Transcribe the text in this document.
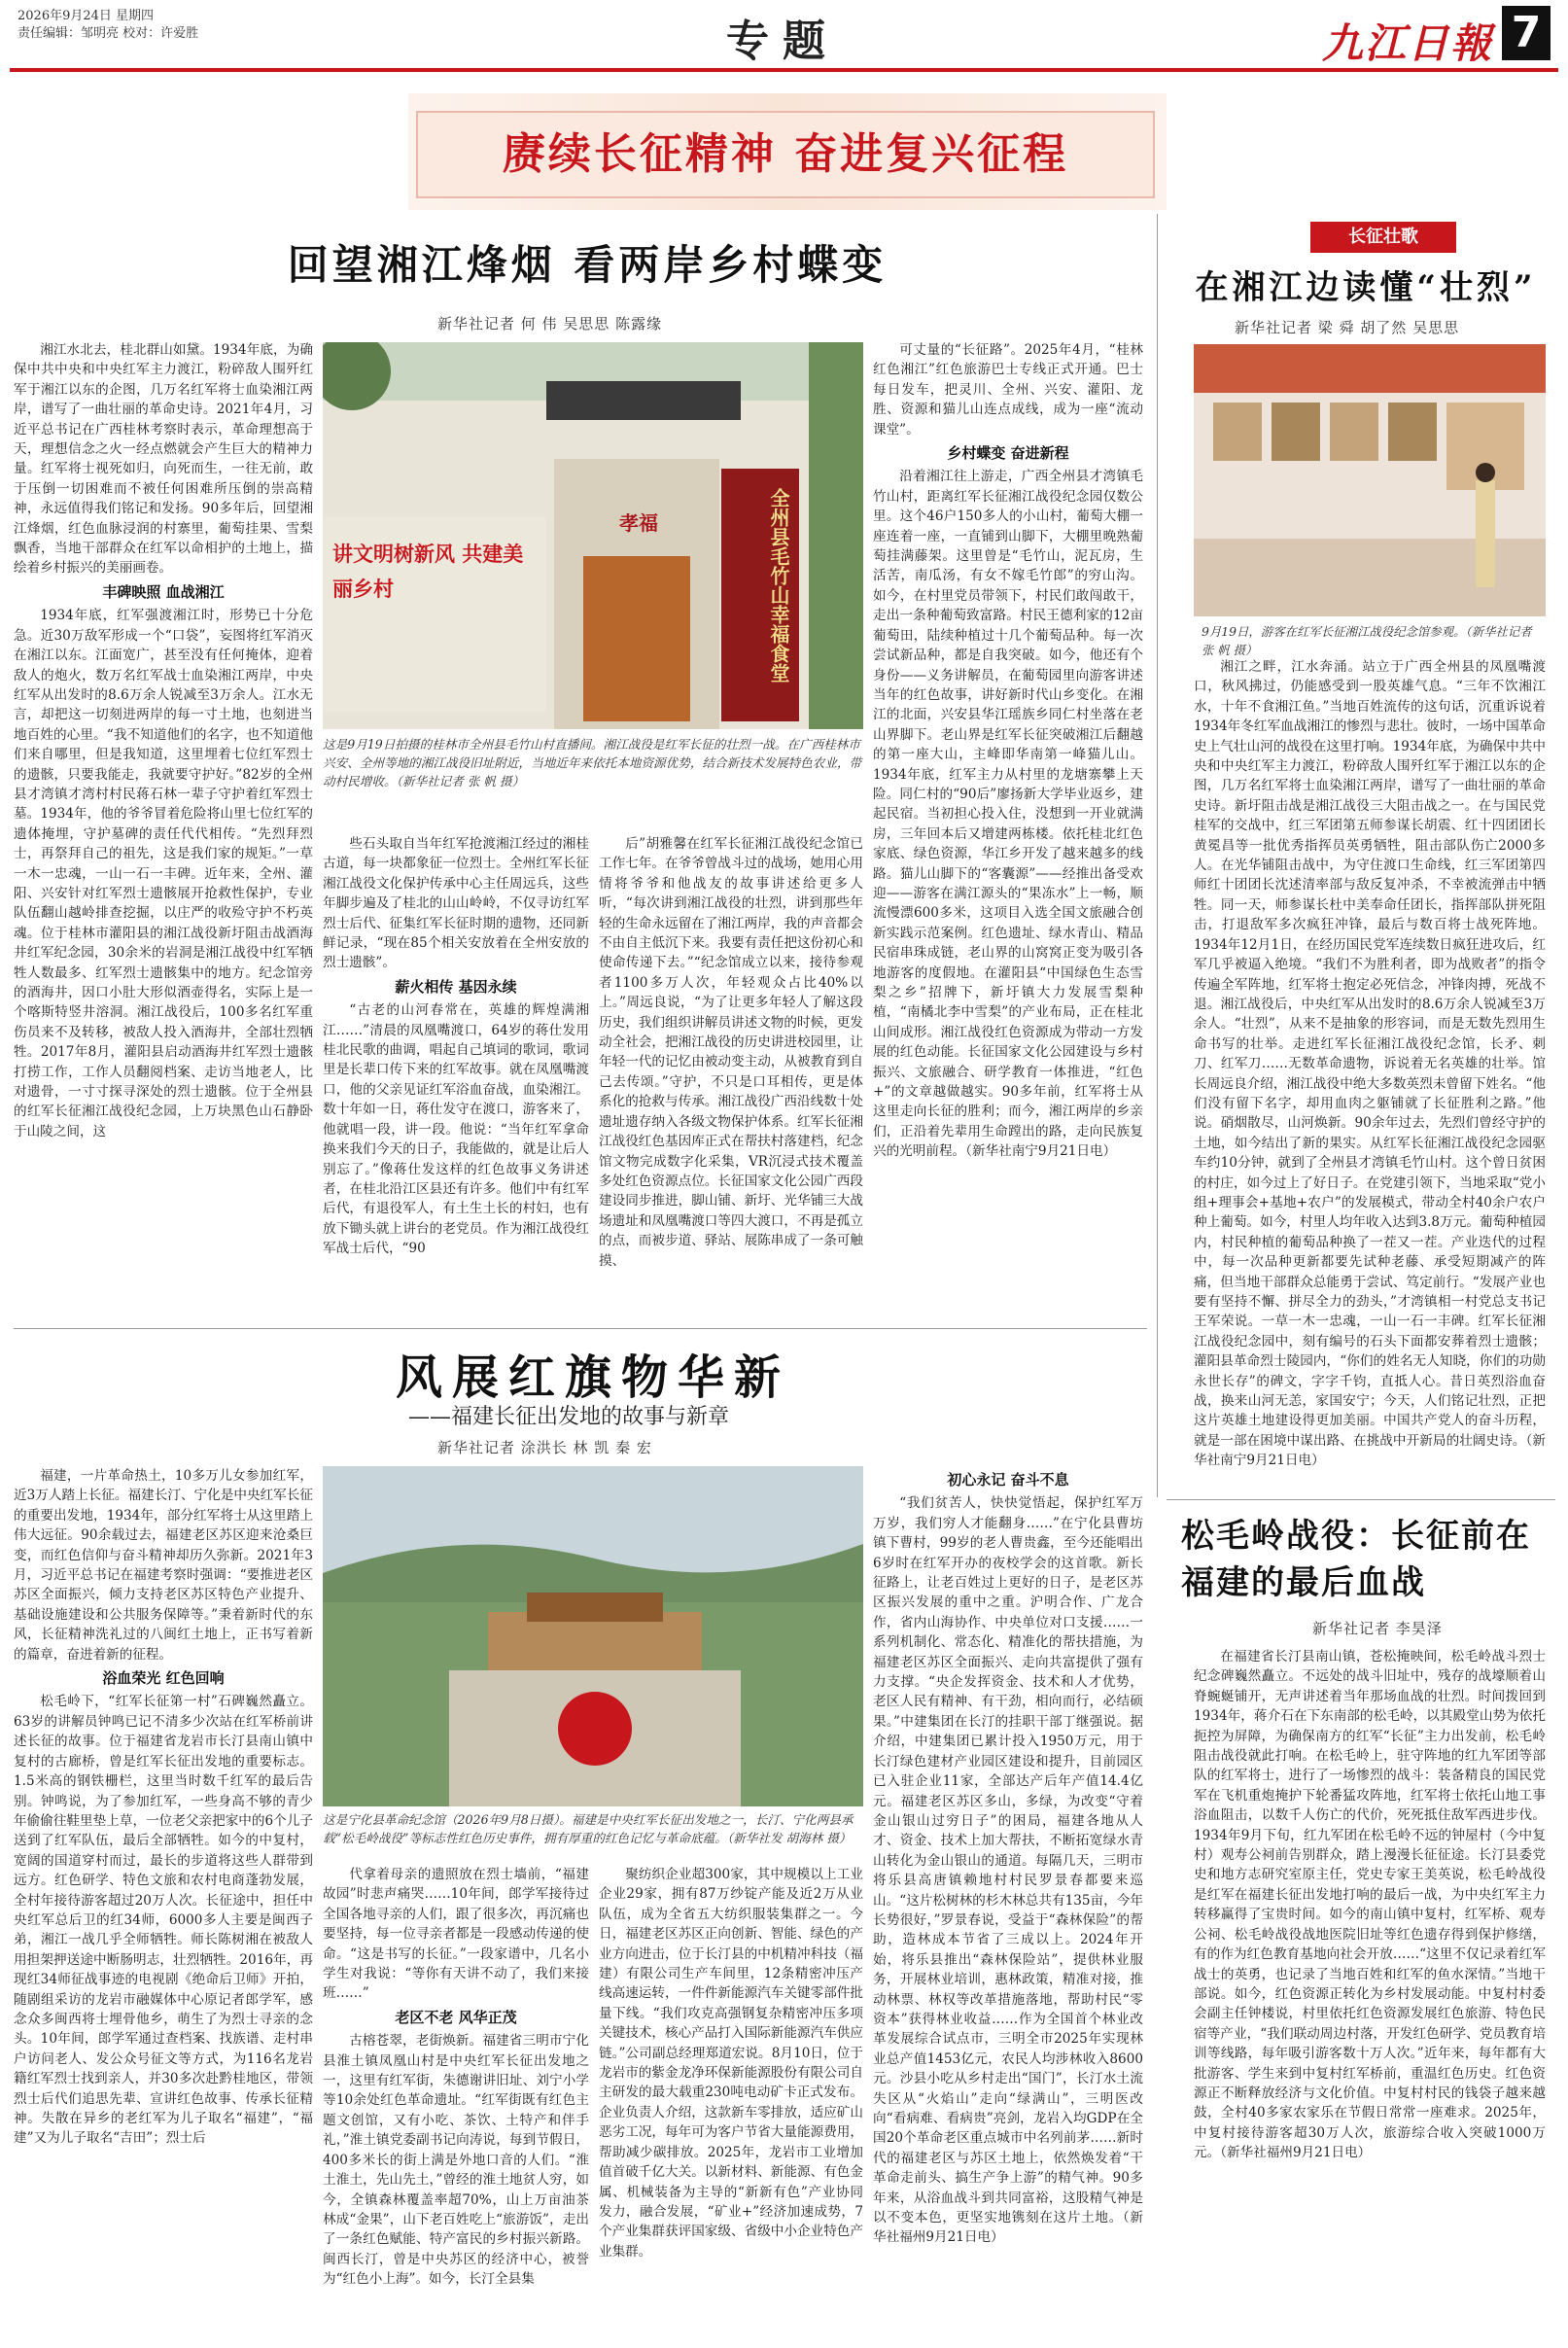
2026年9月24日 星期四
责任编辑：邹明亮 校对：许爱胜	专题	九江日報 7
赓续长征精神 奋进复兴征程
回望湘江烽烟 看两岸乡村蝶变
新华社记者 何 伟 吴思思 陈露缘
讲文明树新风 共建美丽乡村
孝福	全州县毛竹山幸福食堂
这是9月19日拍摄的桂林市全州县毛竹山村直播间。湘江战役是红军长征的壮烈一战。在广西桂林市兴安、全州等地的湘江战役旧址附近，当地近年来依托本地资源优势，结合新技术发展特色农业，带动村民增收。（新华社记者 张 帆 摄）

湘江水北去，桂北群山如黛。1934年底，为确保中共中央和中央红军主力渡江，粉碎敌人围歼红军于湘江以东的企图，几万名红军将士血染湘江两岸，谱写了一曲壮丽的革命史诗。2021年4月，习近平总书记在广西桂林考察时表示，革命理想高于天，理想信念之火一经点燃就会产生巨大的精神力量。红军将士视死如归，向死而生，一往无前，敢于压倒一切困难而不被任何困难所压倒的崇高精神，永远值得我们铭记和发扬。90多年后，回望湘江烽烟，红色血脉浸润的村寨里，葡萄挂果、雪梨飘香，当地干部群众在红军以命相护的土地上，描绘着乡村振兴的美丽画卷。

丰碑映照 血战湘江

1934年底，红军强渡湘江时，形势已十分危急。近30万敌军形成一个“口袋”，妄图将红军消灭在湘江以东。江面宽广，甚至没有任何掩体，迎着敌人的炮火，数万名红军战士血染湘江两岸，中央红军从出发时的8.6万余人锐减至3万余人。江水无言，却把这一切刻进两岸的每一寸土地，也刻进当地百姓的心里。“我不知道他们的名字，也不知道他们来自哪里，但是我知道，这里埋着七位红军烈士的遗骸，只要我能走，我就要守护好。”82岁的全州县才湾镇才湾村村民蒋石林一辈子守护着红军烈士墓。1934年，他的爷爷冒着危险将山里七位红军的遗体掩埋，守护墓碑的责任代代相传。“先烈拜烈士，再祭拜自己的祖先，这是我们家的规矩。”一草一木一忠魂，一山一石一丰碑。近年来，全州、灌阳、兴安针对红军烈士遗骸展开抢救性保护，专业队伍翻山越岭排查挖掘，以庄严的收殓守护不朽英魂。位于桂林市灌阳县的湘江战役新圩阻击战酒海井红军纪念园，30余米的岩洞是湘江战役中红军牺牲人数最多、红军烈士遗骸集中的地方。纪念馆旁的酒海井，因口小肚大形似酒壶得名，实际上是一个喀斯特竖井溶洞。湘江战役后，100多名红军重伤员来不及转移，被敌人投入酒海井，全部壮烈牺牲。2017年8月，灌阳县启动酒海井红军烈士遗骸打捞工作，工作人员翻阅档案、走访当地老人，比对遗骨，一寸寸探寻深处的烈士遗骸。位于全州县的红军长征湘江战役纪念园，上万块黑色山石静卧于山陵之间，这

些石头取自当年红军抢渡湘江经过的湘桂古道，每一块都象征一位烈士。全州红军长征湘江战役文化保护传承中心主任周远兵，这些年脚步遍及了桂北的山山岭岭，不仅寻访红军烈士后代、征集红军长征时期的遗物，还同新鲜记录，“现在85个相关安放着在全州安放的烈士遗骸”。

薪火相传 基因永续

“古老的山河春常在，英雄的辉煌满湘江……”清晨的凤凰嘴渡口，64岁的蒋仕发用桂北民歌的曲调，唱起自己填词的歌词，歌词里是长辈口传下来的红军故事。就在凤凰嘴渡口，他的父亲见证红军浴血奋战，血染湘江。数十年如一日，蒋仕发守在渡口，游客来了，他就唱一段，讲一段。他说：“当年红军拿命换来我们今天的日子，我能做的，就是让后人别忘了。”像蒋仕发这样的红色故事义务讲述者，在桂北沿江区县还有许多。他们中有红军后代，有退役军人，有土生土长的村妇，也有放下锄头就上讲台的老党员。作为湘江战役红军战士后代，“90

后”胡雅馨在红军长征湘江战役纪念馆已工作七年。在爷爷曾战斗过的战场，她用心用情将爷爷和他战友的故事讲述给更多人听，“每次讲到湘江战役的壮烈，讲到那些年轻的生命永远留在了湘江两岸，我的声音都会不由自主低沉下来。我要有责任把这份初心和使命传递下去。”“纪念馆成立以来，接待参观者1100多万人次，年轻观众占比40%以上。”周远良说，“为了让更多年轻人了解这段历史，我们组织讲解员讲述文物的时候，更发动全社会，把湘江战役的历史讲进校园里，让年轻一代的记忆由被动变主动，从被教育到自己去传颂。”守护，不只是口耳相传，更是体系化的抢救与传承。湘江战役广西沿线数十处遗址遗存纳入各级文物保护体系。红军长征湘江战役红色基因库正式在帮扶村落建档，纪念馆文物完成数字化采集，VR沉浸式技术覆盖多处红色资源点位。长征国家文化公园广西段建设同步推进，脚山铺、新圩、光华铺三大战场遗址和凤凰嘴渡口等四大渡口，不再是孤立的点，而被步道、驿站、展陈串成了一条可触摸、

可丈量的“长征路”。2025年4月，“桂林红色湘江”红色旅游巴士专线正式开通。巴士每日发车，把灵川、全州、兴安、灌阳、龙胜、资源和猫儿山连点成线，成为一座“流动课堂”。

乡村蝶变 奋进新程

沿着湘江往上游走，广西全州县才湾镇毛竹山村，距离红军长征湘江战役纪念园仅数公里。这个46户150多人的小山村，葡萄大棚一座连着一座，一直铺到山脚下，大棚里晚熟葡萄挂满藤架。这里曾是“毛竹山，泥瓦房，生活苦，南瓜汤，有女不嫁毛竹郎”的穷山沟。如今，在村里党员带领下，村民们敢闯敢干，走出一条种葡萄致富路。村民王德利家的12亩葡萄田，陆续种植过十几个葡萄品种。每一次尝试新品种，都是自我突破。如今，他还有个身份——义务讲解员，在葡萄园里向游客讲述当年的红色故事，讲好新时代山乡变化。在湘江的北面，兴安县华江瑶族乡同仁村坐落在老山界脚下。老山界是红军长征突破湘江后翻越的第一座大山，主峰即华南第一峰猫儿山。1934年底，红军主力从村里的龙塘寨攀上天险。同仁村的“90后”廖扬新大学毕业返乡，建起民宿。当初担心投入住，没想到一开业就满房，三年回本后又增建两栋楼。依托桂北红色家底、绿色资源，华江乡开发了越来越多的线路。猫儿山脚下的“客囊源”——经推出备受欢迎——游客在满江源头的“果冻水”上一畅，顺流慢漂600多米，这项目入选全国文旅融合创新实践示范案例。红色遗址、绿水青山、精品民宿串珠成链，老山界的山窝窝正变为吸引各地游客的度假地。在灌阳县“中国绿色生态雪梨之乡”招牌下，新圩镇大力发展雪梨种植，“南橘北李中雪梨”的产业布局，正在桂北山间成形。湘江战役红色资源成为带动一方发展的红色动能。长征国家文化公园建设与乡村振兴、文旅融合、研学教育一体推进，“红色+”的文章越做越实。90多年前，红军将士从这里走向长征的胜利；而今，湘江两岸的乡亲们，正沿着先辈用生命蹚出的路，走向民族复兴的光明前程。（新华社南宁9月21日电）

长征壮歌
在湘江边读懂“壮烈”
新华社记者 梁 舜 胡了然 吴思思
9月19日，游客在红军长征湘江战役纪念馆参观。（新华社记者 张 帆 摄）

湘江之畔，江水奔涌。站立于广西全州县的凤凰嘴渡口，秋风拂过，仍能感受到一股英雄气息。“三年不饮湘江水，十年不食湘江鱼。”当地百姓流传的这句话，沉重诉说着1934年冬红军血战湘江的惨烈与悲壮。彼时，一场中国革命史上气壮山河的战役在这里打响。1934年底，为确保中共中央和中央红军主力渡江，粉碎敌人围歼红军于湘江以东的企图，几万名红军将士血染湘江两岸，谱写了一曲壮丽的革命史诗。新圩阻击战是湘江战役三大阻击战之一。在与国民党桂军的交战中，红三军团第五师参谋长胡震、红十四团团长黄冕昌等一批优秀指挥员英勇牺牲，阻击部队伤亡2000多人。在光华铺阻击战中，为守住渡口生命线，红三军团第四师红十团团长沈述清率部与敌反复冲杀，不幸被流弹击中牺牲。同一天，师参谋长杜中美奉命任团长，指挥部队拼死阻击，打退敌军多次疯狂冲锋，最后与数百将士战死阵地。1934年12月1日，在经历国民党军连续数日疯狂进攻后，红军几乎被逼入绝境。“我们不为胜利者，即为战败者”的指令传遍全军阵地，红军将士抱定必死信念，冲锋肉搏，死战不退。湘江战役后，中央红军从出发时的8.6万余人锐减至3万余人。“壮烈”，从来不是抽象的形容词，而是无数先烈用生命书写的壮举。走进红军长征湘江战役纪念馆，长矛、刺刀、红军刀……无数革命遗物，诉说着无名英雄的壮举。馆长周远良介绍，湘江战役中绝大多数英烈未曾留下姓名。“他们没有留下名字，却用血肉之躯铺就了长征胜利之路。”他说。硝烟散尽，山河焕新。90余年过去，先烈们曾经守护的土地，如今结出了新的果实。从红军长征湘江战役纪念园驱车约10分钟，就到了全州县才湾镇毛竹山村。这个曾日贫困的村庄，如今过上了好日子。在党建引领下，当地采取“党小组+理事会+基地+农户”的发展模式，带动全村40余户农户种上葡萄。如今，村里人均年收入达到3.8万元。葡萄种植园内，村民种植的葡萄品种换了一茬又一茬。产业迭代的过程中，每一次品种更新都要先试种老藤、承受短期减产的阵痛，但当地干部群众总能勇于尝试、笃定前行。“发展产业也要有坚持不懈、拼尽全力的劲头，”才湾镇相一村党总支书记王军荣说。一草一木一忠魂，一山一石一丰碑。红军长征湘江战役纪念园中，刻有编号的石头下面都安葬着烈士遗骸；灌阳县革命烈士陵园内，“你们的姓名无人知晓，你们的功勋永世长存”的碑文，字字千钧，直抵人心。昔日英烈浴血奋战，换来山河无恙，家国安宁；今天，人们铭记壮烈，正把这片英雄土地建设得更加美丽。中国共产党人的奋斗历程，就是一部在困境中谋出路、在挑战中开新局的壮阔史诗。（新华社南宁9月21日电）

风展红旗物华新
——福建长征出发地的故事与新章
新华社记者 涂洪长 林 凯 秦 宏
这是宁化县革命纪念馆（2026年9月8日摄）。福建是中央红军长征出发地之一，长汀、宁化两县承载“松毛岭战役”等标志性红色历史事件，拥有厚重的红色记忆与革命底蕴。（新华社发 胡海林 摄）

福建，一片革命热土，10多万儿女参加红军，近3万人踏上长征。福建长汀、宁化是中央红军长征的重要出发地，1934年，部分红军将士从这里踏上伟大远征。90余载过去，福建老区苏区迎来沧桑巨变，而红色信仰与奋斗精神却历久弥新。2021年3月，习近平总书记在福建考察时强调：“要推进老区苏区全面振兴，倾力支持老区苏区特色产业提升、基础设施建设和公共服务保障等。”秉着新时代的东风，长征精神洗礼过的八闽红土地上，正书写着新的篇章，奋进着新的征程。

浴血荣光 红色回响

松毛岭下，“红军长征第一村”石碑巍然矗立。63岁的讲解员钟鸣已记不清多少次站在红军桥前讲述长征的故事。位于福建省龙岩市长汀县南山镇中复村的古廊桥，曾是红军长征出发地的重要标志。1.5米高的钢铁栅栏，这里当时数千红军的最后告别。钟鸣说，为了参加红军，一些身高不够的青少年偷偷往鞋里垫上草，一位老父亲把家中的6个儿子送到了红军队伍，最后全部牺牲。如今的中复村，宽阔的国道穿村而过，最长的步道将这些人群带到远方。红色研学、特色文旅和农村电商蓬勃发展，全村年接待游客超过20万人次。长征途中，担任中央红军总后卫的红34师，6000多人主要是闽西子弟，湘江一战几乎全师牺牲。师长陈树湘在被敌人用担架押送途中断肠明志，壮烈牺牲。2016年，再现红34师征战事迹的电视剧《绝命后卫师》开拍，随剧组采访的龙岩市融媒体中心原记者郎学军，感念众多闽西将士埋骨他乡，萌生了为烈士寻亲的念头。10年间，郎学军通过查档案、找族谱、走村串户访问老人、发公众号征文等方式，为116名龙岩籍红军烈士找到亲人，并30多次赴黔桂地区，带领烈士后代们追思先辈、宣讲红色故事、传承长征精神。失散在异乡的老红军为儿子取名“福建”，“福建”又为儿子取名“吉田”；烈士后

代拿着母亲的遗照放在烈士墙前，“福建故园”时悲声痛哭……10年间，郎学军接待过全国各地寻亲的人们，跟了很多次，再沉痛也要坚持，每一位寻亲者都是一段感动传递的使命。“这是书写的长征。”一段家谱中，几名小学生对我说：“等你有天讲不动了，我们来接班……”

老区不老 风华正茂

古榕苍翠，老街焕新。福建省三明市宁化县淮土镇凤凰山村是中央红军长征出发地之一，这里有红军街，朱德谢讲旧址、刘宁小学等10余处红色革命遗址。“红军街既有红色主题文创馆，又有小吃、茶饮、土特产和伴手礼，”淮土镇党委副书记向涛说，每到节假日，400多米长的街上满是外地口音的人们。“淮土淮土，先山先土，”曾经的淮土地贫人穷，如今，全镇森林覆盖率超70%，山上万亩油茶林成“金果”，山下老百姓吃上“旅游饭”，走出了一条红色赋能、特产富民的乡村振兴新路。闽西长汀，曾是中央苏区的经济中心，被誉为“红色小上海”。如今，长汀全县集

聚纺织企业超300家，其中规模以上工业企业29家，拥有87万纱锭产能及近2万从业队伍，成为全省五大纺织服装集群之一。今日，福建老区苏区正向创新、智能、绿色的产业方向进击，位于长汀县的中机精冲科技（福建）有限公司生产车间里，12条精密冲压产线高速运转，一件件新能源汽车关键零部件批量下线。“我们攻克高强钢复杂精密冲压多项关键技术，核心产品打入国际新能源汽车供应链。”公司副总经理郑道宏说。8月10日，位于龙岩市的紫金龙净环保新能源股份有限公司自主研发的最大载重230吨电动矿卡正式发布。企业负责人介绍，这款新车零排放，适应矿山恶劣工况，每年可为客户节省大量能源费用，帮助减少碳排放。2025年，龙岩市工业增加值首破千亿大关。以新材料、新能源、有色金属、机械装备为主导的“新新有色”产业协同发力，融合发展，“矿业+”经济加速成势，7个产业集群获评国家级、省级中小企业特色产业集群。

初心永记 奋斗不息

“我们贫苦人，快快觉悟起，保护红军万万岁，我们穷人才能翻身……”在宁化县曹坊镇下曹村，99岁的老人曹贵鑫，至今还能唱出6岁时在红军开办的夜校学会的这首歌。新长征路上，让老百姓过上更好的日子，是老区苏区振兴发展的重中之重。沪明合作、广龙合作，省内山海协作、中央单位对口支援……一系列机制化、常态化、精准化的帮扶措施，为福建老区苏区全面振兴、走向共富提供了强有力支撑。“央企发挥资金、技术和人才优势，老区人民有精神、有干劲，相向而行，必结硕果。”中建集团在长汀的挂职干部丁继强说。据介绍，中建集团已累计投入1950万元，用于长汀绿色建材产业园区建设和提升，目前园区已入驻企业11家，全部达产后年产值14.4亿元。福建老区苏区多山，多绿，为改变“守着金山银山过穷日子”的困局，福建各地从人才、资金、技术上加大帮扶，不断拓宽绿水青山转化为金山银山的通道。每隔几天，三明市将乐县高唐镇赖地村村民罗景春都要来巡山。“这片松树林的杉木林总共有135亩，今年长势很好，”罗景春说，受益于“森林保险”的帮助，造林成本节省了三成以上。2024年开始，将乐县推出“森林保险站”，提供林业服务，开展林业培训，惠林政策，精准对接，推动林票、林权等改革措施落地，帮助村民“零资本”获得林业收益……作为全国首个林业改革发展综合试点市，三明全市2025年实现林业总产值1453亿元，农民人均涉林收入8600元。沙县小吃从乡村走出“国门”，长汀水土流失区从“火焰山”走向“绿满山”，三明医改向“看病难、看病贵”亮剑，龙岩入均GDP在全国20个革命老区重点城市中名列前茅……新时代的福建老区与苏区土地上，依然焕发着“干革命走前头、搞生产争上游”的精气神。90多年来，从浴血战斗到共同富裕，这股精气神是以不变本色，更坚实地镌刻在这片土地。（新华社福州9月21日电）

松毛岭战役：长征前在福建的最后血战
新华社记者 李昊泽

在福建省长汀县南山镇，苍松掩映间，松毛岭战斗烈士纪念碑巍然矗立。不远处的战斗旧址中，残存的战壕顺着山脊蜿蜒铺开，无声讲述着当年那场血战的壮烈。时间拨回到1934年，蒋介石在下东南部的松毛岭，以其殿堂山势为依托扼控为屏障，为确保南方的红军“长征”主力出发前，松毛岭阻击战役就此打响。在松毛岭上，驻守阵地的红九军团等部队的红军将士，进行了一场惨烈的战斗：装备精良的国民党军在飞机重炮掩护下轮番猛攻阵地，红军将士依托山地工事浴血阻击，以数千人伤亡的代价，死死抵住敌军西进步伐。1934年9月下旬，红九军团在松毛岭不远的钟屋村（今中复村）观寿公祠前告别群众，踏上漫漫长征征途。长汀县委党史和地方志研究室原主任，党史专家王美英说，松毛岭战役是红军在福建长征出发地打响的最后一战，为中央红军主力转移赢得了宝贵时间。如今的南山镇中复村，红军桥、观寿公祠、松毛岭战役战地医院旧址等红色遗存得到保护修缮，有的作为红色教育基地向社会开放……“这里不仅记录着红军战士的英勇，也记录了当地百姓和红军的鱼水深情。”当地干部说。如今，红色资源正转化为乡村发展动能。中复村村委会副主任钟楼说，村里依托红色资源发展红色旅游、特色民宿等产业，“我们联动周边村落，开发红色研学、党员教育培训等线路，每年吸引游客数十万人次。”近年来，每年都有大批游客、学生来到中复村红军桥前，重温红色历史。红色资源正不断释放经济与文化价值。中复村村民的钱袋子越来越鼓，全村40多家农家乐在节假日常常一座难求。2025年，中复村接待游客超30万人次，旅游综合收入突破1000万元。（新华社福州9月21日电）
